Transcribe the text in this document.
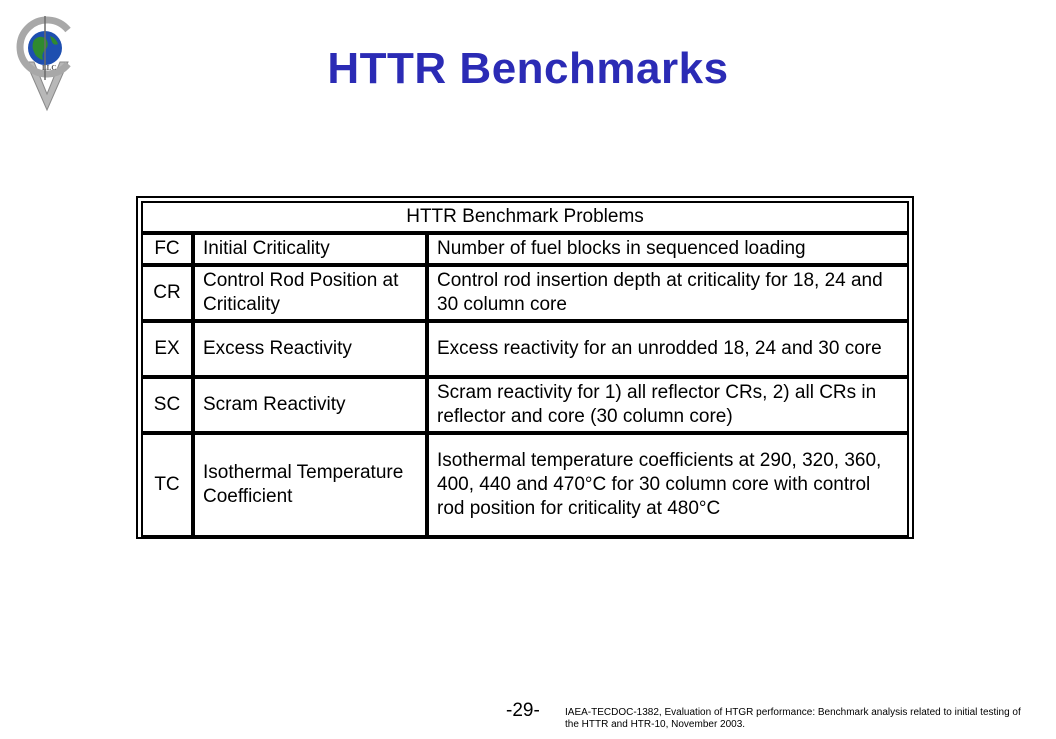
LLC	HTTR Benchmarks
HTTR Benchmark Problems		
FC	Initial Criticality	Number of fuel blocks in sequenced loading
CR	Control Rod Position at Criticality	Control rod insertion depth at criticality for 18, 24 and 30 column core
EX	Excess Reactivity	Excess reactivity for an unrodded 18, 24 and 30 core
SC	Scram Reactivity	Scram reactivity for 1) all reflector CRs, 2) all CRs in reflector and core (30 column core)
TC	Isothermal Temperature Coefficient	Isothermal temperature coefficients at 290, 320, 360, 400, 440 and 470°C for 30 column core with control rod position for criticality at 480°C
-29-	IAEA-TECDOC-1382, Evaluation of HTGR performance: Benchmark analysis related to initial testing of the HTTR and HTR-10, November 2003.
